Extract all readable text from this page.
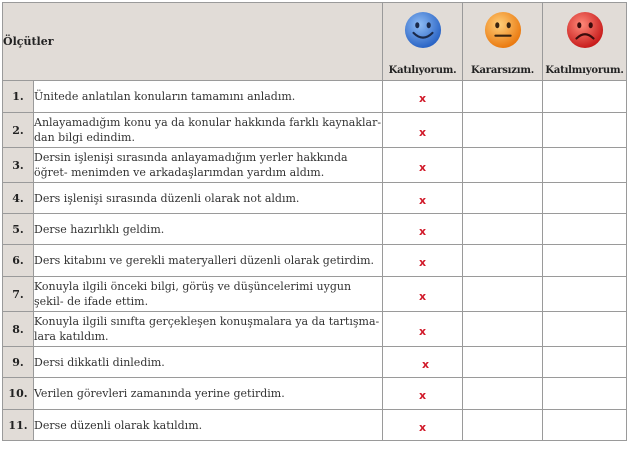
Ölçütler		Katılıyorum.	Kararsızım.	Katılmıyorum.

1.	Ünitede anlatılan konuların tamamını anladım.	x		
2.	Anlayamadığım konu ya da konular hakkında farklı kaynaklar- dan bilgi edindim.	x		
3.	Dersin işlenişi sırasında anlayamadığım yerler hakkında öğret- menimden ve arkadaşlarımdan yardım aldım.	x		
4.	Ders işlenişi sırasında düzenli olarak not aldım.	x		
5.	Derse hazırlıklı geldim.	x		
6.	Ders kitabını ve gerekli materyalleri düzenli olarak getirdim.	x		
7.	Konuyla ilgili önceki bilgi, görüş ve düşüncelerimi uygun şekil- de ifade ettim.	x		
8.	Konuyla ilgili sınıfta gerçekleşen konuşmalara ya da tartışma- lara katıldım.	x		
9.	Dersi dikkatli dinledim.	x		
10.	Verilen görevleri zamanında yerine getirdim.	x		
11.	Derse düzenli olarak katıldım.	x		
